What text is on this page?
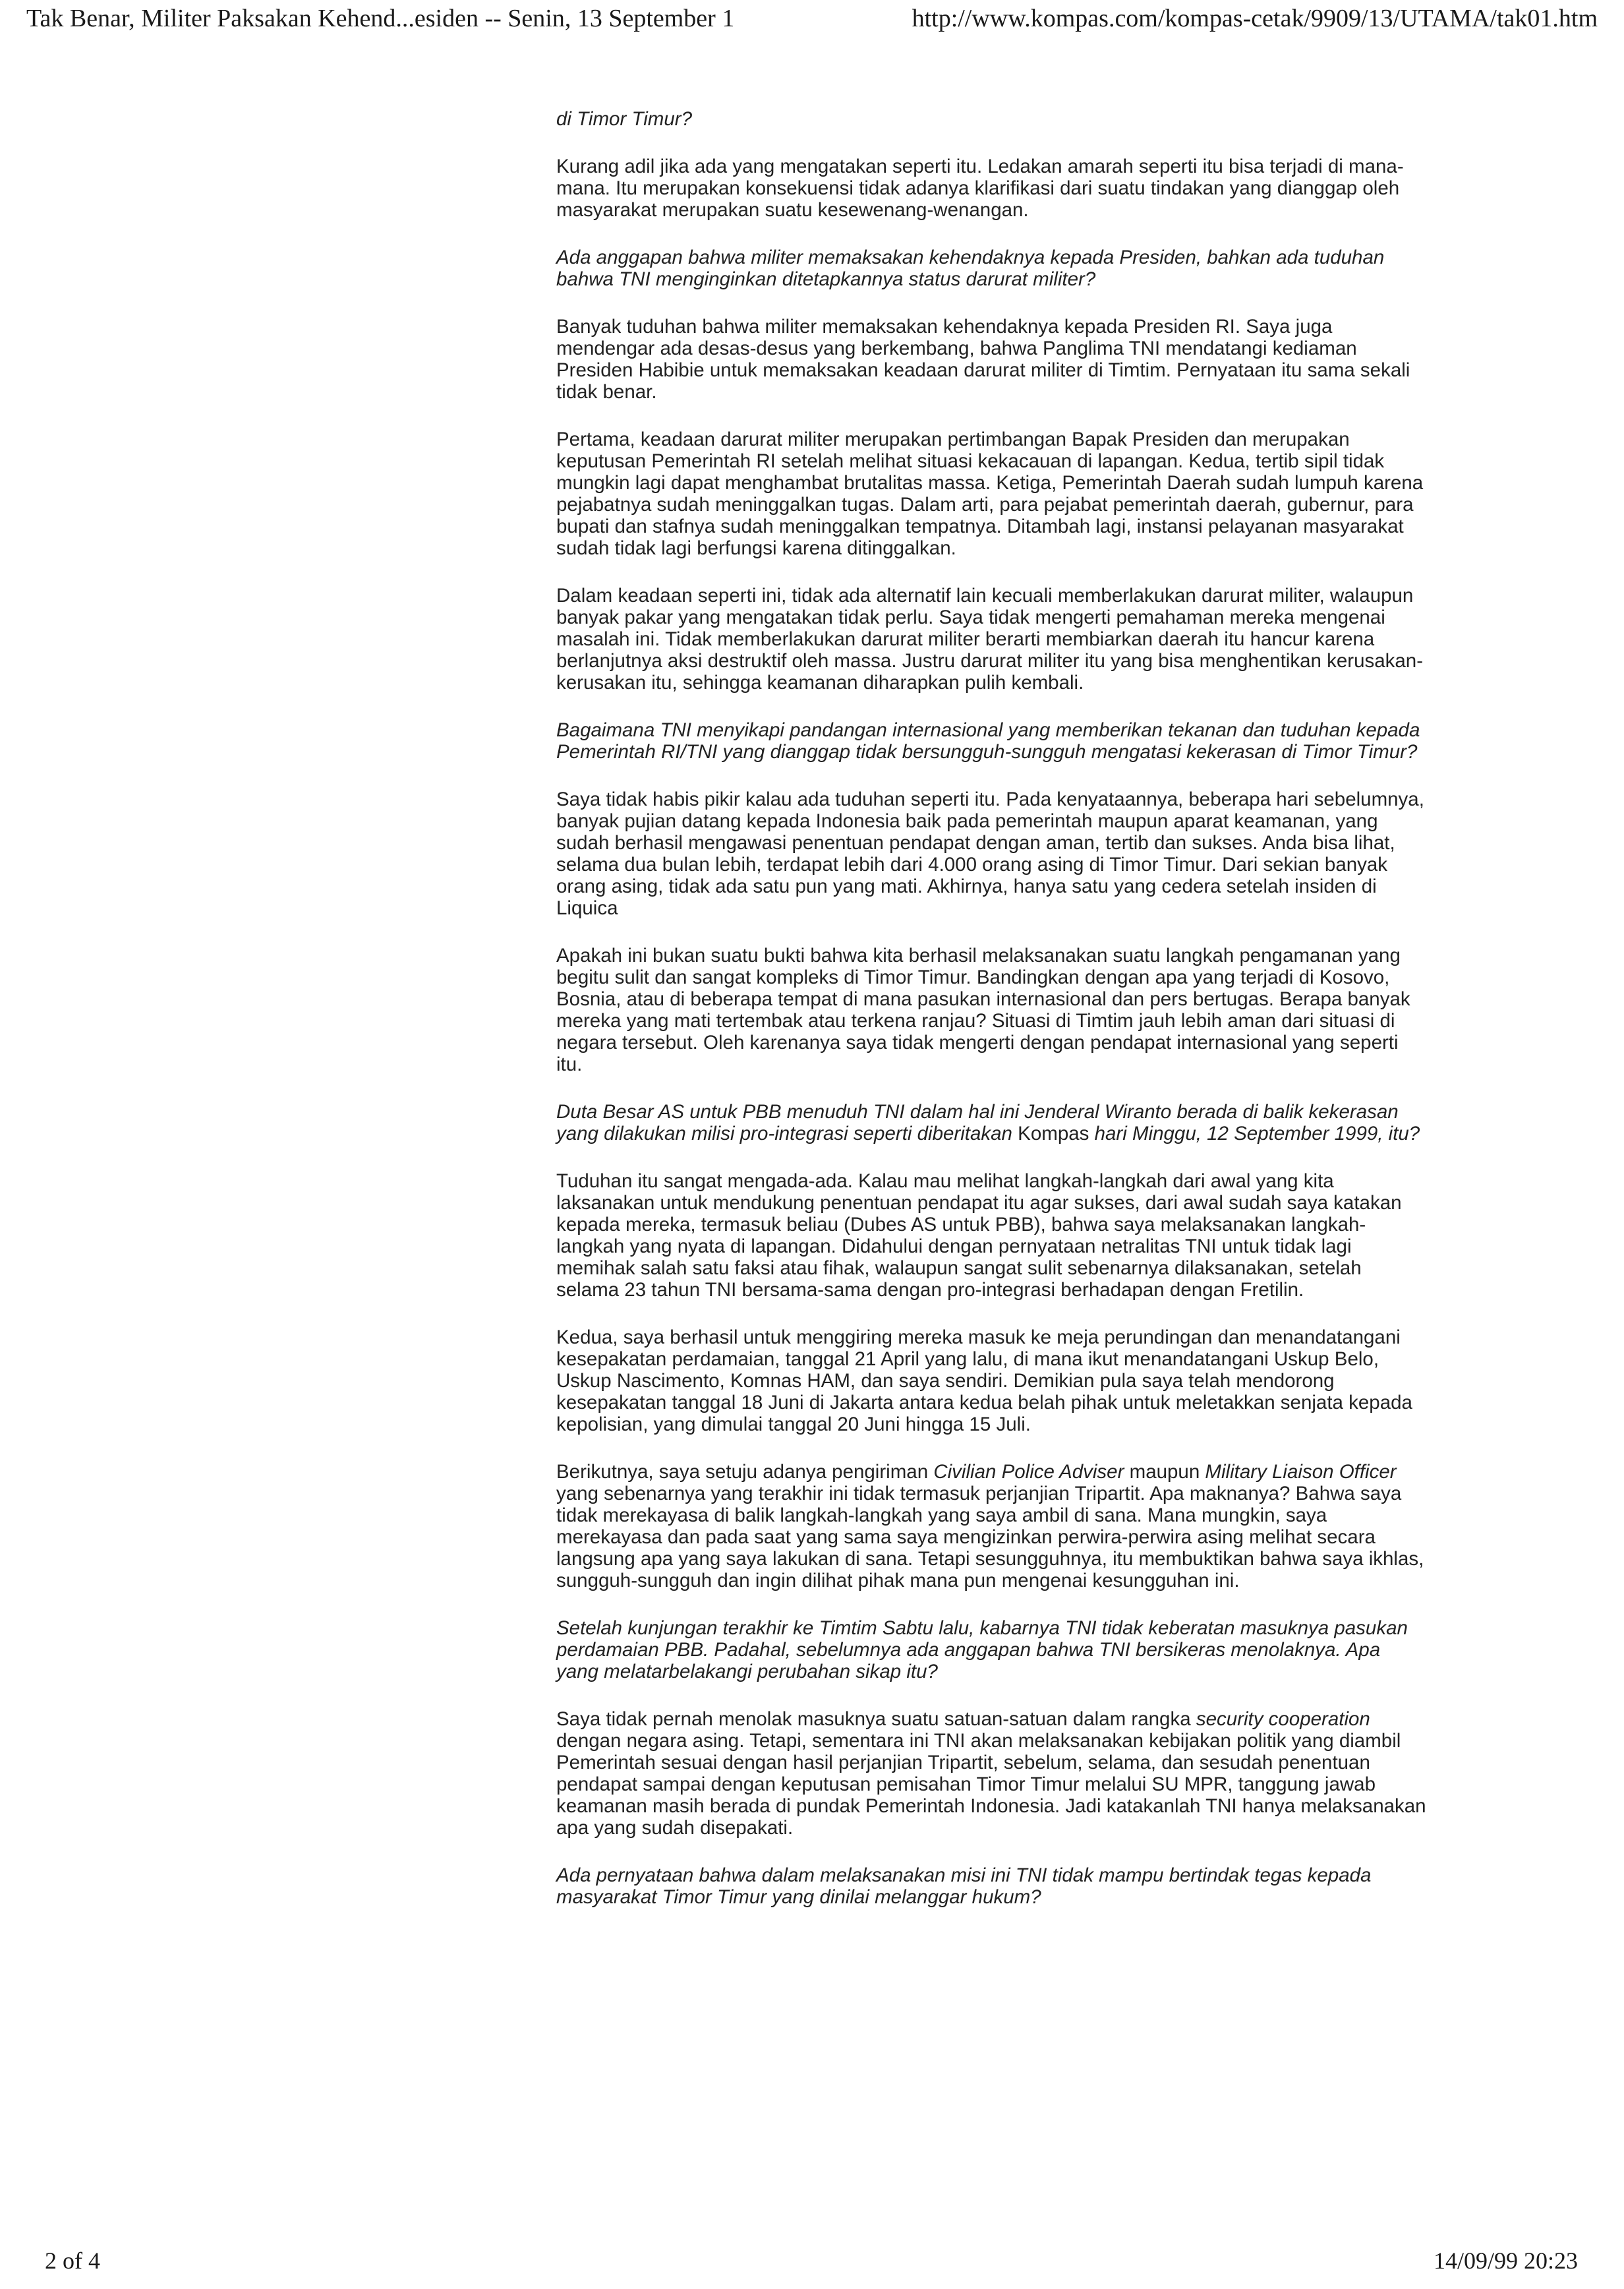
Tak Benar, Militer Paksakan Kehend...esiden -- Senin, 13 September 1	http://www.kompas.com/kompas-cetak/9909/13/UTAMA/tak01.htm

di Timor Timur?

Kurang adil jika ada yang mengatakan seperti itu. Ledakan amarah seperti itu bisa terjadi di mana-mana. Itu merupakan konsekuensi tidak adanya klarifikasi dari suatu tindakan yang dianggap oleh masyarakat merupakan suatu kesewenang-wenangan.

Ada anggapan bahwa militer memaksakan kehendaknya kepada Presiden, bahkan ada tuduhan bahwa TNI menginginkan ditetapkannya status darurat militer?

Banyak tuduhan bahwa militer memaksakan kehendaknya kepada Presiden RI. Saya juga mendengar ada desas-desus yang berkembang, bahwa Panglima TNI mendatangi kediaman Presiden Habibie untuk memaksakan keadaan darurat militer di Timtim. Pernyataan itu sama sekali tidak benar.

Pertama, keadaan darurat militer merupakan pertimbangan Bapak Presiden dan merupakan keputusan Pemerintah RI setelah melihat situasi kekacauan di lapangan. Kedua, tertib sipil tidak mungkin lagi dapat menghambat brutalitas massa. Ketiga, Pemerintah Daerah sudah lumpuh karena pejabatnya sudah meninggalkan tugas. Dalam arti, para pejabat pemerintah daerah, gubernur, para bupati dan stafnya sudah meninggalkan tempatnya. Ditambah lagi, instansi pelayanan masyarakat sudah tidak lagi berfungsi karena ditinggalkan.

Dalam keadaan seperti ini, tidak ada alternatif lain kecuali memberlakukan darurat militer, walaupun banyak pakar yang mengatakan tidak perlu. Saya tidak mengerti pemahaman mereka mengenai masalah ini. Tidak memberlakukan darurat militer berarti membiarkan daerah itu hancur karena berlanjutnya aksi destruktif oleh massa. Justru darurat militer itu yang bisa menghentikan kerusakan-kerusakan itu, sehingga keamanan diharapkan pulih kembali.

Bagaimana TNI menyikapi pandangan internasional yang memberikan tekanan dan tuduhan kepada Pemerintah RI/TNI yang dianggap tidak bersungguh-sungguh mengatasi kekerasan di Timor Timur?

Saya tidak habis pikir kalau ada tuduhan seperti itu. Pada kenyataannya, beberapa hari sebelumnya, banyak pujian datang kepada Indonesia baik pada pemerintah maupun aparat keamanan, yang sudah berhasil mengawasi penentuan pendapat dengan aman, tertib dan sukses. Anda bisa lihat, selama dua bulan lebih, terdapat lebih dari 4.000 orang asing di Timor Timur. Dari sekian banyak orang asing, tidak ada satu pun yang mati. Akhirnya, hanya satu yang cedera setelah insiden di Liquica

Apakah ini bukan suatu bukti bahwa kita berhasil melaksanakan suatu langkah pengamanan yang begitu sulit dan sangat kompleks di Timor Timur. Bandingkan dengan apa yang terjadi di Kosovo, Bosnia, atau di beberapa tempat di mana pasukan internasional dan pers bertugas. Berapa banyak mereka yang mati tertembak atau terkena ranjau? Situasi di Timtim jauh lebih aman dari situasi di negara tersebut. Oleh karenanya saya tidak mengerti dengan pendapat internasional yang seperti itu.

Duta Besar AS untuk PBB menuduh TNI dalam hal ini Jenderal Wiranto berada di balik kekerasan yang dilakukan milisi pro-integrasi seperti diberitakan Kompas hari Minggu, 12 September 1999, itu?

Tuduhan itu sangat mengada-ada. Kalau mau melihat langkah-langkah dari awal yang kita laksanakan untuk mendukung penentuan pendapat itu agar sukses, dari awal sudah saya katakan kepada mereka, termasuk beliau (Dubes AS untuk PBB), bahwa saya melaksanakan langkah-langkah yang nyata di lapangan. Didahului dengan pernyataan netralitas TNI untuk tidak lagi memihak salah satu faksi atau fihak, walaupun sangat sulit sebenarnya dilaksanakan, setelah selama 23 tahun TNI bersama-sama dengan pro-integrasi berhadapan dengan Fretilin.

Kedua, saya berhasil untuk menggiring mereka masuk ke meja perundingan dan menandatangani kesepakatan perdamaian, tanggal 21 April yang lalu, di mana ikut menandatangani Uskup Belo, Uskup Nascimento, Komnas HAM, dan saya sendiri. Demikian pula saya telah mendorong kesepakatan tanggal 18 Juni di Jakarta antara kedua belah pihak untuk meletakkan senjata kepada kepolisian, yang dimulai tanggal 20 Juni hingga 15 Juli.

Berikutnya, saya setuju adanya pengiriman Civilian Police Adviser maupun Military Liaison Officer yang sebenarnya yang terakhir ini tidak termasuk perjanjian Tripartit. Apa maknanya? Bahwa saya tidak merekayasa di balik langkah-langkah yang saya ambil di sana. Mana mungkin, saya merekayasa dan pada saat yang sama saya mengizinkan perwira-perwira asing melihat secara langsung apa yang saya lakukan di sana. Tetapi sesungguhnya, itu membuktikan bahwa saya ikhlas, sungguh-sungguh dan ingin dilihat pihak mana pun mengenai kesungguhan ini.

Setelah kunjungan terakhir ke Timtim Sabtu lalu, kabarnya TNI tidak keberatan masuknya pasukan perdamaian PBB. Padahal, sebelumnya ada anggapan bahwa TNI bersikeras menolaknya. Apa yang melatarbelakangi perubahan sikap itu?

Saya tidak pernah menolak masuknya suatu satuan-satuan dalam rangka security cooperation dengan negara asing. Tetapi, sementara ini TNI akan melaksanakan kebijakan politik yang diambil Pemerintah sesuai dengan hasil perjanjian Tripartit, sebelum, selama, dan sesudah penentuan pendapat sampai dengan keputusan pemisahan Timor Timur melalui SU MPR, tanggung jawab keamanan masih berada di pundak Pemerintah Indonesia. Jadi katakanlah TNI hanya melaksanakan apa yang sudah disepakati.

Ada pernyataan bahwa dalam melaksanakan misi ini TNI tidak mampu bertindak tegas kepada masyarakat Timor Timur yang dinilai melanggar hukum?

2 of 4	14/09/99 20:23
